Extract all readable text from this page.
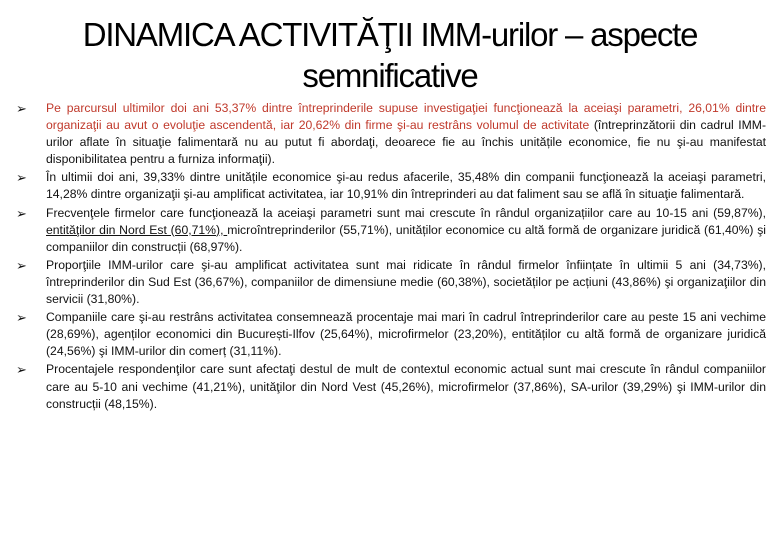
DINAMICA ACTIVITĂŢII IMM-urilor – aspecte
semnificative
➢ Pe parcursul ultimilor doi ani 53,37% dintre întreprinderile supuse investigaţiei funcţionează la aceiaşi parametri, 26,01% dintre organizaţii au avut o evoluţie ascendentă, iar 20,62% din firme şi-au restrâns volumul de activitate (întreprinzătorii din cadrul IMM-urilor aflate în situaţie falimentară nu au putut fi abordaţi, deoarece fie au închis unitățile economice, fie nu şi-au manifestat disponibilitatea pentru a furniza informaţii).
➢ În ultimii doi ani, 39,33% dintre unitățile economice şi-au redus afacerile, 35,48% din companii funcţionează la aceiaşi parametri, 14,28% dintre organizaţii şi-au amplificat activitatea, iar 10,91% din întreprinderi au dat faliment sau se află în situaţie falimentară.
➢ Frecvenţele firmelor care funcţionează la aceiaşi parametri sunt mai crescute în rândul organizațiilor care au 10-15 ani (59,87%), entităţilor din Nord Est (60,71%), microîntreprinderilor (55,71%), unităților economice cu altă formă de organizare juridică (61,40%) şi companiilor din construcții (68,97%).
➢ Proporţiile IMM-urilor care şi-au amplificat activitatea sunt mai ridicate în rândul firmelor înființate în ultimii 5 ani (34,73%), întreprinderilor din Sud Est (36,67%), companiilor de dimensiune medie (60,38%), societăților pe acțiuni (43,86%) şi organizaţiilor din servicii (31,80%).
➢ Companiile care şi-au restrâns activitatea consemnează procentaje mai mari în cadrul întreprinderilor care au peste 15 ani vechime (28,69%), agenților economici din București-Ilfov (25,64%), microfirmelor (23,20%), entităților cu altă formă de organizare juridică (24,56%) şi IMM-urilor din comerț (31,11%).
➢ Procentajele respondenţilor care sunt afectaţi destul de mult de contextul economic actual sunt mai crescute în rândul companiilor care au 5-10 ani vechime (41,21%), unităţilor din Nord Vest (45,26%), microfirmelor (37,86%), SA-urilor (39,29%) şi IMM-urilor din construcții (48,15%).
